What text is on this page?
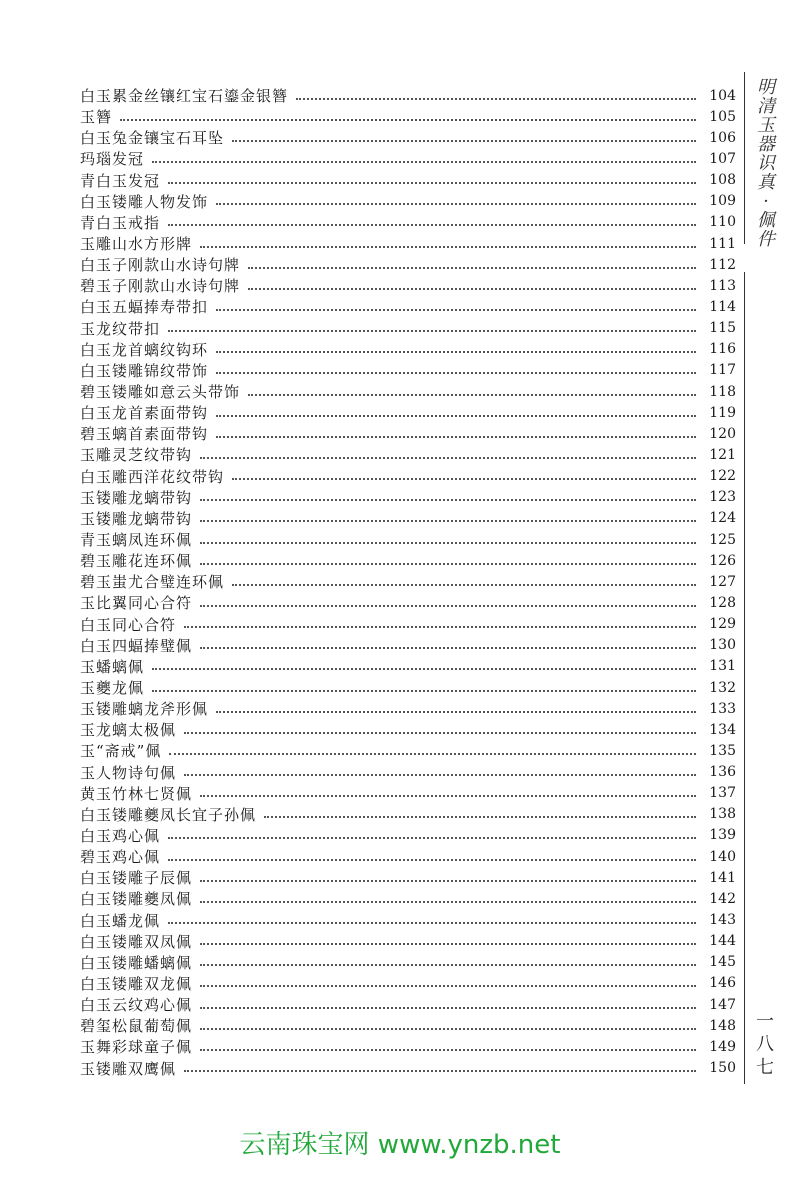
白玉累金丝镶红宝石鎏金银簪	104
玉簪	105
白玉兔金镶宝石耳坠	106
玛瑙发冠	107
青白玉发冠	108
白玉镂雕人物发饰	109
青白玉戒指	110
玉雕山水方形牌	111
白玉子刚款山水诗句牌	112
碧玉子刚款山水诗句牌	113
白玉五蝠捧寿带扣	114
玉龙纹带扣	115
白玉龙首螭纹钩环	116
白玉镂雕锦纹带饰	117
碧玉镂雕如意云头带饰	118
白玉龙首素面带钩	119
碧玉螭首素面带钩	120
玉雕灵芝纹带钩	121
白玉雕西洋花纹带钩	122
玉镂雕龙螭带钩	123
玉镂雕龙螭带钩	124
青玉螭凤连环佩	125
碧玉雕花连环佩	126
碧玉蚩尤合璧连环佩	127
玉比翼同心合符	128
白玉同心合符	129
白玉四蝠捧璧佩	130
玉蟠螭佩	131
玉夔龙佩	132
玉镂雕螭龙斧形佩	133
玉龙螭太极佩	134
玉“斋戒”佩	135
玉人物诗句佩	136
黄玉竹林七贤佩	137
白玉镂雕夔凤长宜子孙佩	138
白玉鸡心佩	139
碧玉鸡心佩	140
白玉镂雕子辰佩	141
白玉镂雕夔凤佩	142
白玉蟠龙佩	143
白玉镂雕双凤佩	144
白玉镂雕蟠螭佩	145
白玉镂雕双龙佩	146
白玉云纹鸡心佩	147
碧玺松鼠葡萄佩	148
玉舞彩球童子佩	149
玉镂雕双鹰佩	150
明
清
玉
器
识
真
·
佩
件
一
八
七
云南珠宝网 www.ynzb.net
